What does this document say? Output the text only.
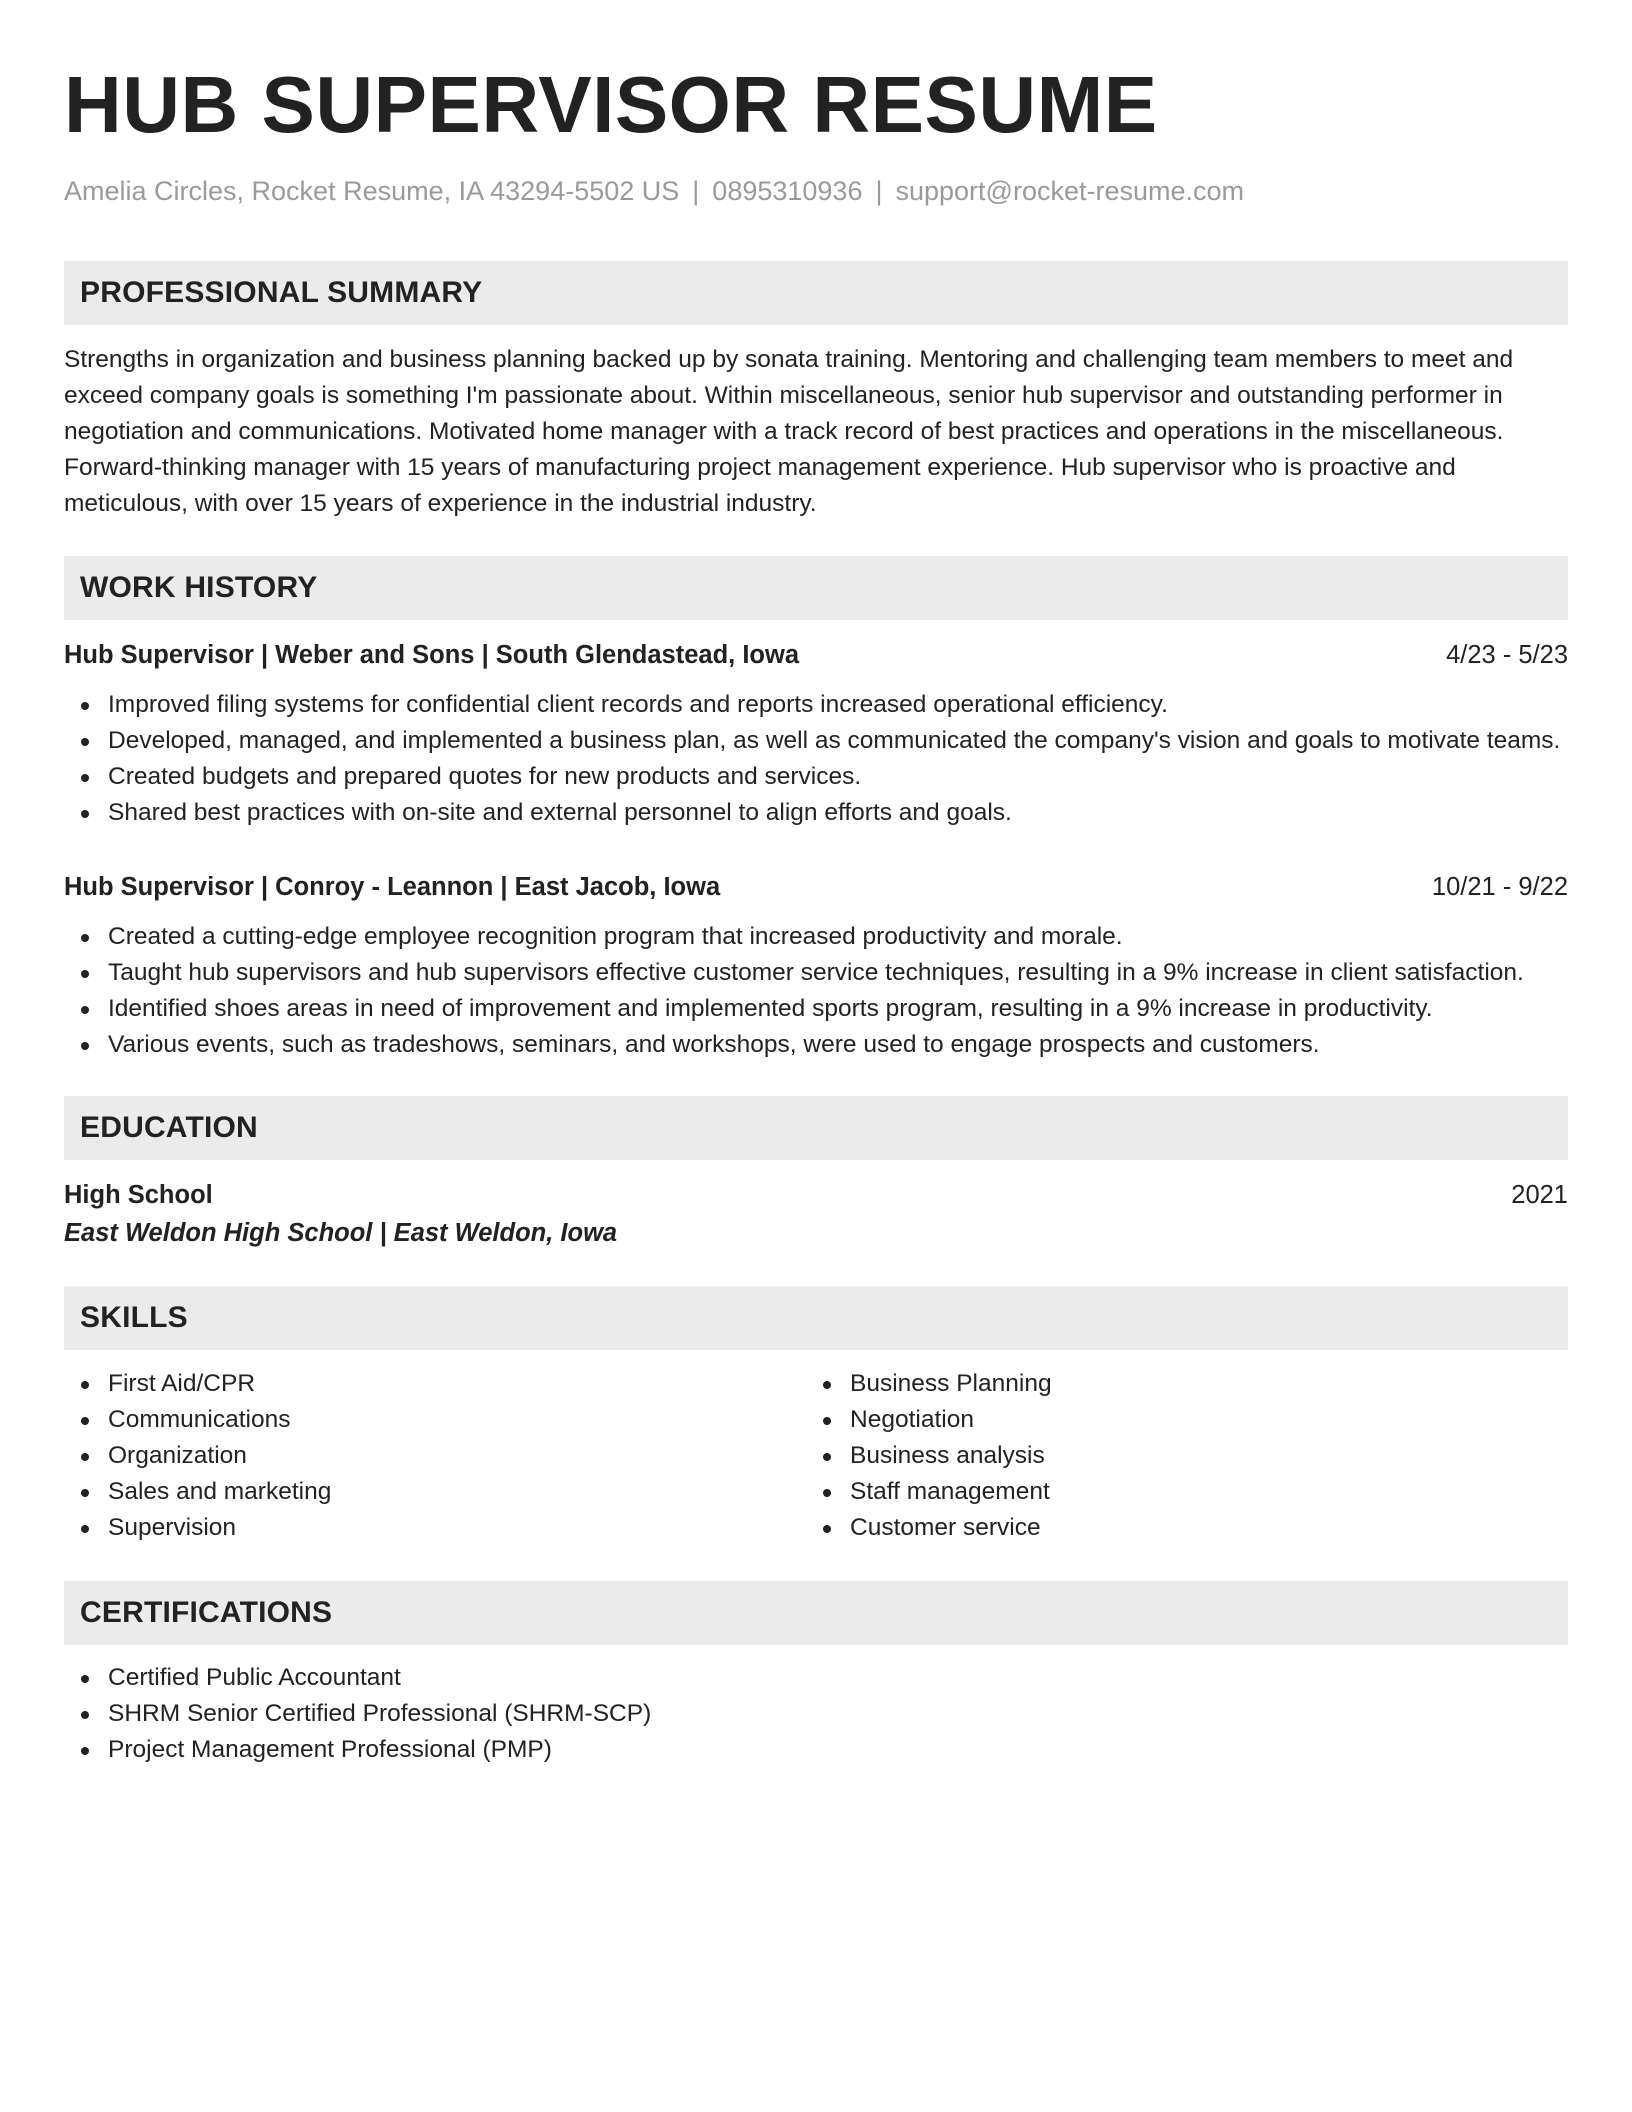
HUB SUPERVISOR RESUME
Amelia Circles, Rocket Resume, IA 43294-5502 US | 0895310936 | support@rocket-resume.com
PROFESSIONAL SUMMARY

Strengths in organization and business planning backed up by sonata training. Mentoring and challenging team members to meet and exceed company goals is something I'm passionate about. Within miscellaneous, senior hub supervisor and outstanding performer in negotiation and communications. Motivated home manager with a track record of best practices and operations in the miscellaneous. Forward-thinking manager with 15 years of manufacturing project management experience. Hub supervisor who is proactive and meticulous, with over 15 years of experience in the industrial industry.

WORK HISTORY
Hub Supervisor | Weber and Sons | South Glendastead, Iowa	4/23 - 5/23
Improved filing systems for confidential client records and reports increased operational efficiency.
Developed, managed, and implemented a business plan, as well as communicated the company's vision and goals to motivate teams.
Created budgets and prepared quotes for new products and services.
Shared best practices with on-site and external personnel to align efforts and goals.
Hub Supervisor | Conroy - Leannon | East Jacob, Iowa	10/21 - 9/22
Created a cutting-edge employee recognition program that increased productivity and morale.
Taught hub supervisors and hub supervisors effective customer service techniques, resulting in a 9% increase in client satisfaction.
Identified shoes areas in need of improvement and implemented sports program, resulting in a 9% increase in productivity.
Various events, such as tradeshows, seminars, and workshops, were used to engage prospects and customers.
EDUCATION
High School	2021
East Weldon High School | East Weldon, Iowa
SKILLS
First Aid/CPR
Communications
Organization
Sales and marketing
Supervision
Business Planning
Negotiation
Business analysis
Staff management
Customer service
CERTIFICATIONS
Certified Public Accountant
SHRM Senior Certified Professional (SHRM-SCP)
Project Management Professional (PMP)
